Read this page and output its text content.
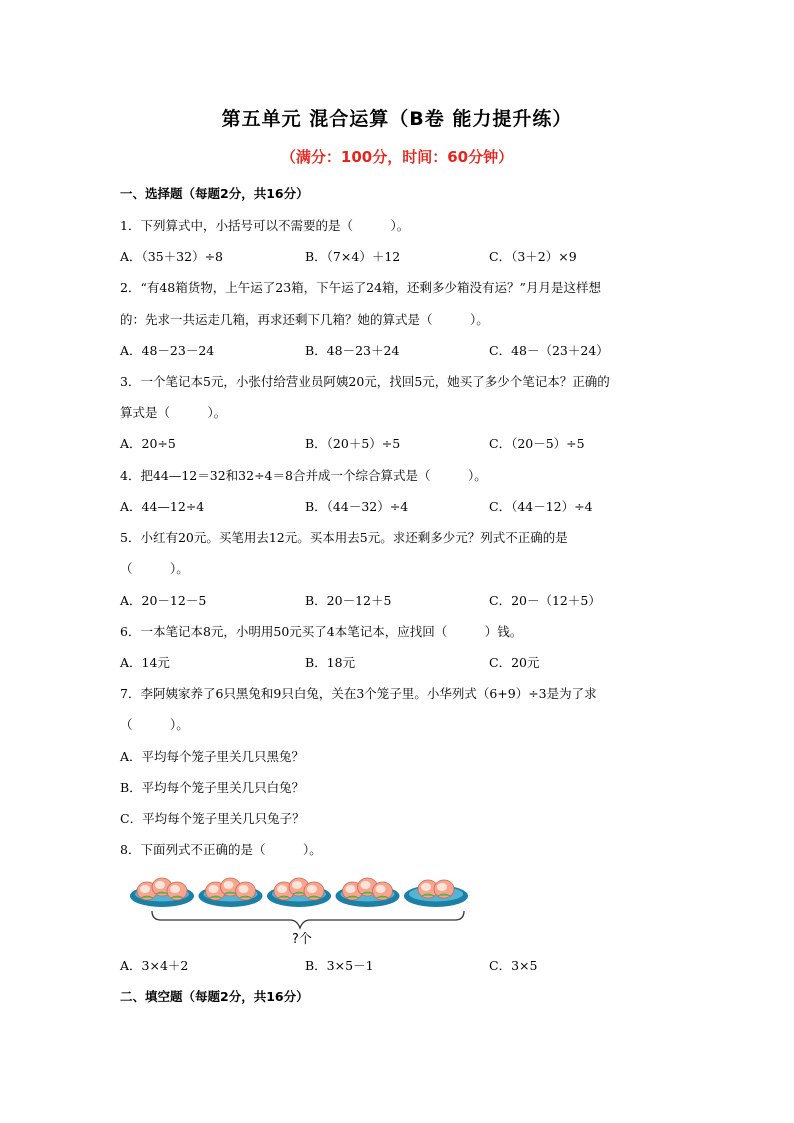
第五单元 混合运算（B卷 能力提升练）
（满分：100分，时间：60分钟）
一、选择题（每题2分，共16分）
1．下列算式中，小括号可以不需要的是（　　　）。
A．（35＋32）÷8	B．（7×4）＋12	C．（3＋2）×9
2．“有48箱货物，上午运了23箱，下午运了24箱，还剩多少箱没有运？”月月是这样想
的：先求一共运走几箱，再求还剩下几箱？她的算式是（　　　）。
A．48－23－24	B．48－23＋24	C．48－（23＋24）
3．一个笔记本5元，小张付给营业员阿姨20元，找回5元，她买了多少个笔记本？正确的
算式是（　　　）。
A．20÷5	B．（20＋5）÷5	C．（20－5）÷5
4．把44—12＝32和32÷4＝8合并成一个综合算式是（　　　）。
A．44—12÷4	B．（44－32）÷4	C．（44－12）÷4
5．小红有20元。买笔用去12元。买本用去5元。求还剩多少元？列式不正确的是
（　　　）。
A．20－12－5	B．20－12＋5	C．20－（12＋5）
6．一本笔记本8元，小明用50元买了4本笔记本，应找回（　　　）钱。
A．14元	B．18元	C．20元
7．李阿姨家养了6只黑兔和9只白兔，关在3个笼子里。小华列式（6+9）÷3是为了求
（　　　）。
A．平均每个笼子里关几只黑兔？
B．平均每个笼子里关几只白兔？
C．平均每个笼子里关几只兔子？
8．下面列式不正确的是（　　　）。
?个
A．3×4＋2	B．3×5－1	C．3×5
二、填空题（每题2分，共16分）
